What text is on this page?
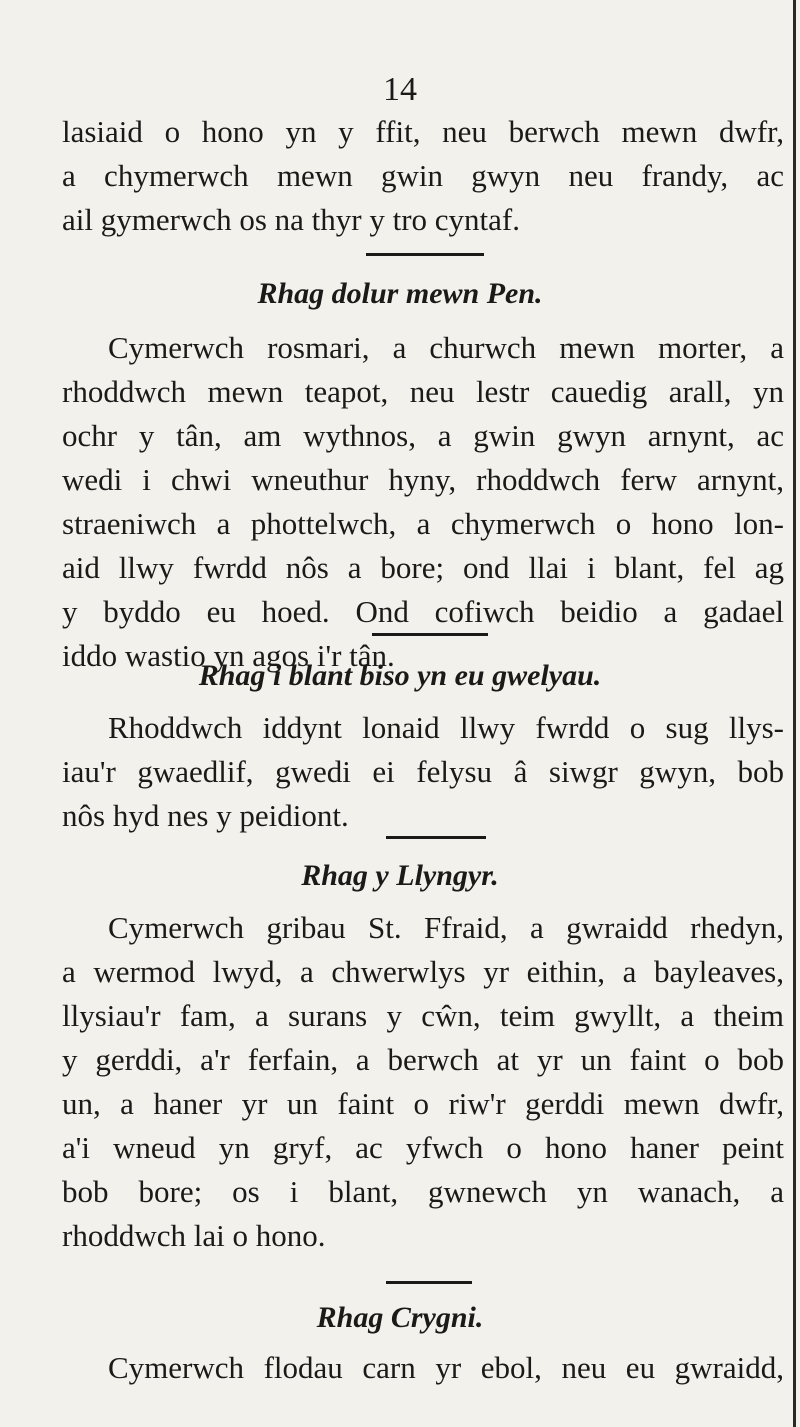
14
lasiaid o hono yn y ffit, neu berwch mewn dwfr,
a chymerwch mewn gwin gwyn neu frandy, ac
ail gymerwch os na thyr y tro cyntaf.
Rhag dolur mewn Pen.
Cymerwch rosmari, a churwch mewn morter, a
rhoddwch mewn teapot, neu lestr cauedig arall, yn
ochr y tân, am wythnos, a gwin gwyn arnynt, ac
wedi i chwi wneuthur hyny, rhoddwch ferw arnynt,
straeniwch a phottelwch, a chymerwch o hono lon-
aid llwy fwrdd nôs a bore; ond llai i blant, fel ag
y byddo eu hoed. Ond cofiwch beidio a gadael
iddo wastio yn agos i'r tân.
Rhag i blant biso yn eu gwelyau.
Rhoddwch iddynt lonaid llwy fwrdd o sug llys-
iau'r gwaedlif, gwedi ei felysu â siwgr gwyn, bob
nôs hyd nes y peidiont.
Rhag y Llyngyr.
Cymerwch gribau St. Ffraid, a gwraidd rhedyn,
a wermod lwyd, a chwerwlys yr eithin, a bayleaves,
llysiau'r fam, a surans y cŵn, teim gwyllt, a theim
y gerddi, a'r ferfain, a berwch at yr un faint o bob
un, a haner yr un faint o riw'r gerddi mewn dwfr,
a'i wneud yn gryf, ac yfwch o hono haner peint
bob bore; os i blant, gwnewch yn wanach, a
rhoddwch lai o hono.
Rhag Crygni.
Cymerwch flodau carn yr ebol, neu eu gwraidd,
